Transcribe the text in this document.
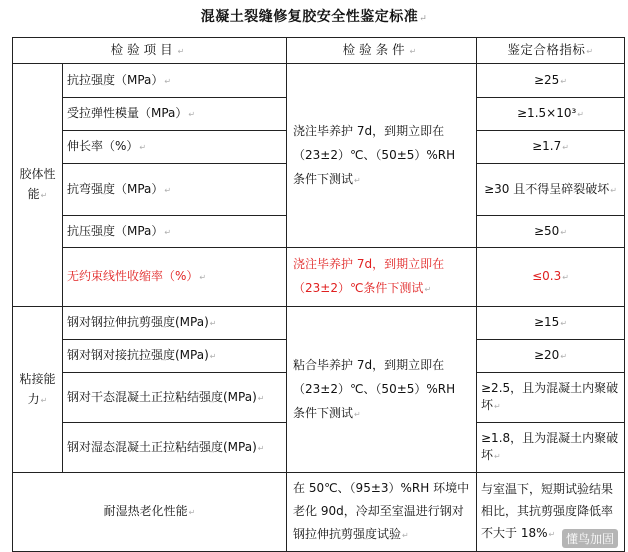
混凝土裂缝修复胶安全性鉴定标准↵
检验项目↵		检验条件↵	鉴定合格指标↵
胶体性能↵	抗拉强度（MPa）↵	浇注毕养护 7d，到期立即在（23±2）℃、（50±5）%RH 条件下测试↵	≥25↵
	受拉弹性模量（MPa）↵		≥1.5×10³↵
	伸长率（%）↵		≥1.7↵
	抗弯强度（MPa）↵		≥30 且不得呈碎裂破坏↵
	抗压强度（MPa）↵		≥50↵
	无约束线性收缩率（%）↵	浇注毕养护 7d，到期立即在（23±2）℃条件下测试↵	≤0.3↵
粘接能力↵	钢对钢拉伸抗剪强度(MPa)↵	粘合毕养护 7d，到期立即在（23±2）℃、（50±5）%RH 条件下测试↵	≥15↵
	钢对钢对接抗拉强度(MPa)↵		≥20↵
	钢对干态混凝土正拉粘结强度(MPa)↵		≥2.5，且为混凝土内聚破坏↵
	钢对湿态混凝土正拉粘结强度(MPa)↵		≥1.8，且为混凝土内聚破坏↵
耐湿热老化性能↵		在 50℃、（95±3）%RH 环境中老化 90d，冷却至室温进行钢对钢拉伸抗剪强度试验↵	与室温下，短期试验结果相比，其抗剪强度降低率不大于 18%↵ 懂鸟加固
